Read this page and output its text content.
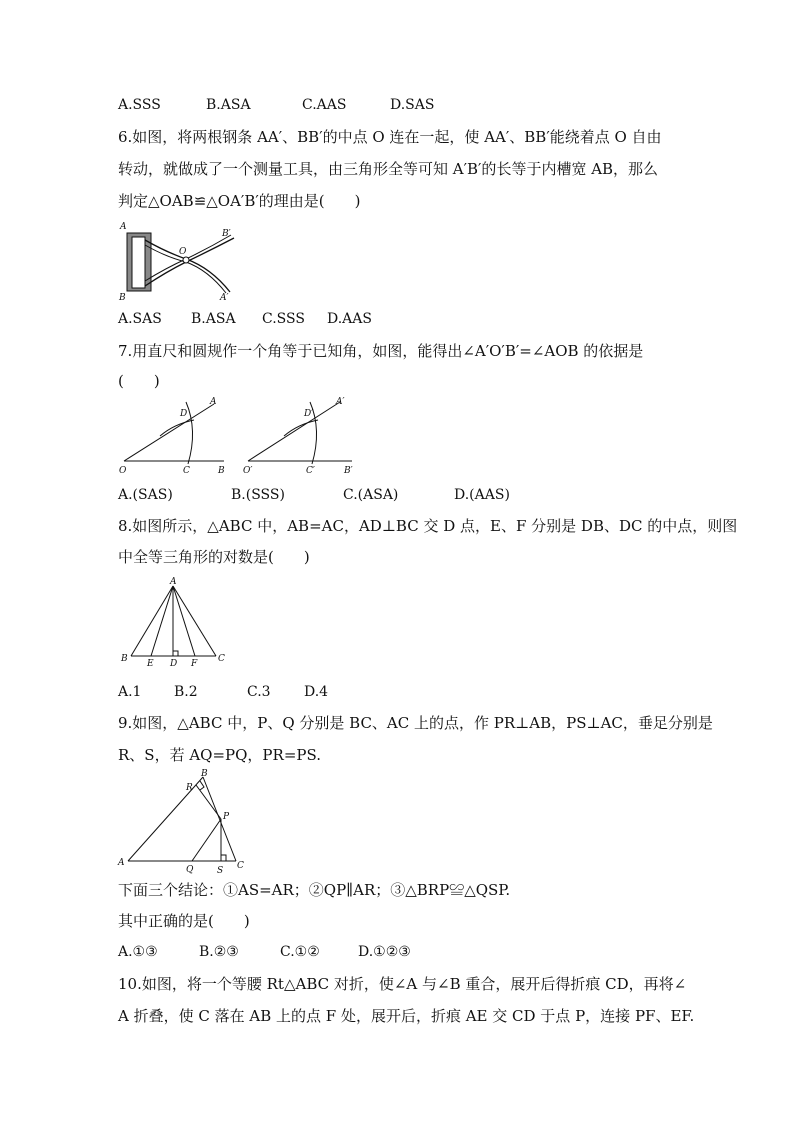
A.SSS	B.ASA	C.AAS	D.SAS
6.如图，将两根钢条 AA′、BB′的中点 O 连在一起，使 AA′、BB′能绕着点 O 自由
转动，就做成了一个测量工具，由三角形全等可知 A′B′的长等于内槽宽 AB，那么
判定△OAB≌△OA′B′的理由是(　　)
A
O
B′
B	A′
A.SAS B.ASA C.SSS D.AAS
7.用直尺和圆规作一个角等于已知角，如图，能得出∠A′O′B′=∠AOB 的依据是
(　　)
D
A
O	C	B
D′
A′
O′	C′	B′
A.(SAS)	B.(SSS)	C.(ASA)	D.(AAS)
8.如图所示，△ABC 中，AB=AC，AD⊥BC 交 D 点，E、F 分别是 DB、DC 的中点，则图
中全等三角形的对数是(　　)
A
B E D F C
A.1 B.2	C.3 D.4
9.如图，△ABC 中，P、Q 分别是 BC、AC 上的点，作 PR⊥AB，PS⊥AC，垂足分别是
R、S，若 AQ=PQ，PR=PS.
B
R
P
A
Q	S C
下面三个结论：①AS=AR；②QP∥AR；③△BRP≌△QSP.
其中正确的是(　　)
A.①③	B.②③	C.①②	D.①②③
10.如图，将一个等腰 Rt△ABC 对折，使∠A 与∠B 重合，展开后得折痕 CD，再将∠
A 折叠，使 C 落在 AB 上的点 F 处，展开后，折痕 AE 交 CD 于点 P，连接 PF、EF.
